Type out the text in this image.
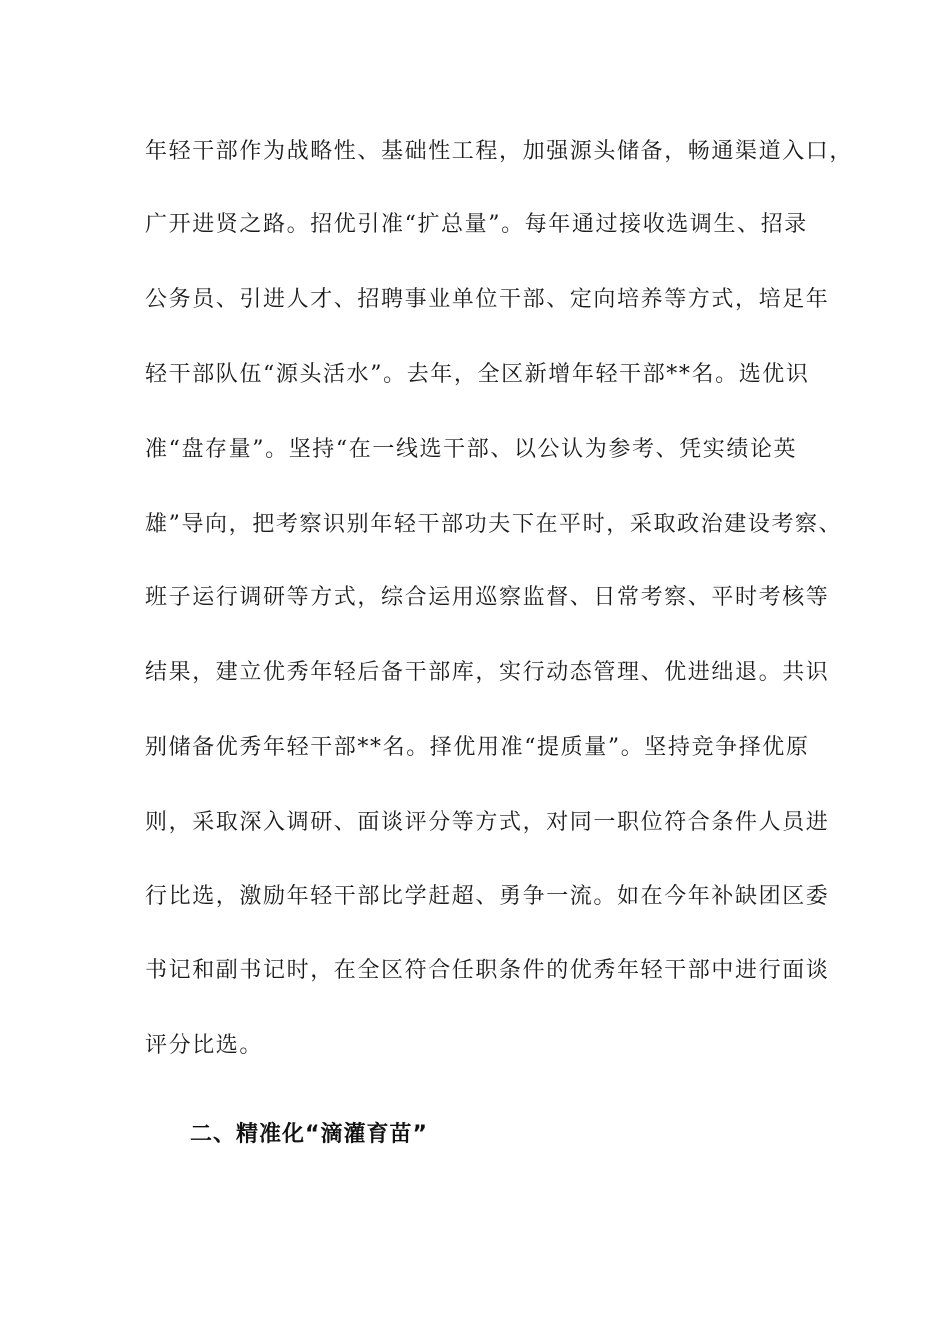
年轻干部作为战略性、基础性工程，加强源头储备，畅通渠道入口，
广开进贤之路。招优引准“扩总量”。每年通过接收选调生、招录
公务员、引进人才、招聘事业单位干部、定向培养等方式，培足年
轻干部队伍“源头活水”。去年，全区新增年轻干部**名。选优识
准“盘存量”。坚持“在一线选干部、以公认为参考、凭实绩论英
雄”导向，把考察识别年轻干部功夫下在平时，采取政治建设考察、
班子运行调研等方式，综合运用巡察监督、日常考察、平时考核等
结果，建立优秀年轻后备干部库，实行动态管理、优进绌退。共识
别储备优秀年轻干部**名。择优用准“提质量”。坚持竞争择优原
则，采取深入调研、面谈评分等方式，对同一职位符合条件人员进
行比选，激励年轻干部比学赶超、勇争一流。如在今年补缺团区委
书记和副书记时，在全区符合任职条件的优秀年轻干部中进行面谈
评分比选。
二、精准化“滴灌育苗”
